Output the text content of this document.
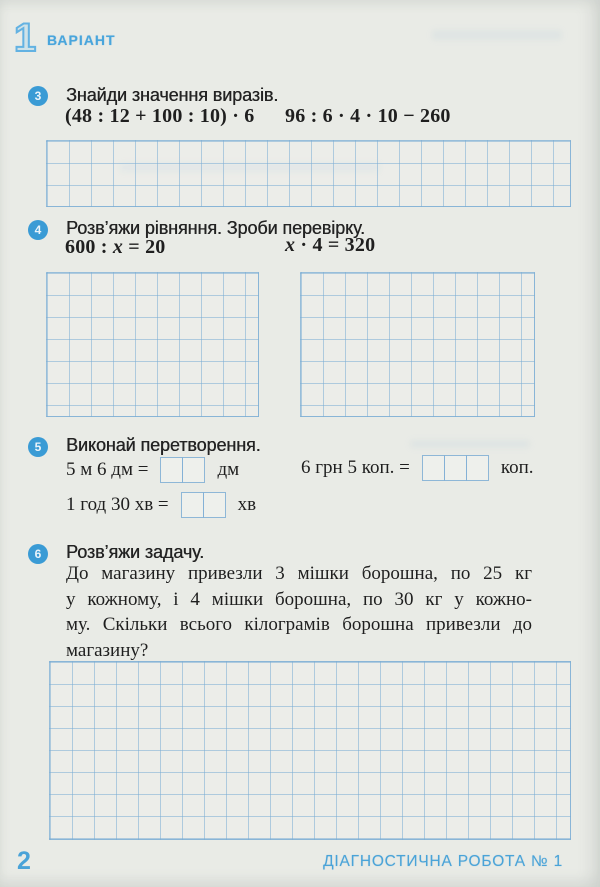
1 ВАРІАНТ
3 Знайди значення виразів.
(48 : 12 + 100 : 10) · 6 96 : 6 · 4 · 10 − 260
4 Розв’яжи рівняння. Зроби перевірку.
600 : x = 20	x · 4 = 320
5 Виконай перетворення.
5 м 6 дм =	дм	6 грн 5 коп. =	коп.
1 год 30 хв =	хв
6 Розв’яжи задачу.
До магазину привезли 3 мішки борошна, по 25 кг
у кожному, і 4 мішки борошна, по 30 кг у кожно-
му. Скільки всього кілограмів борошна привезли до
магазину?
2	ДІАГНОСТИЧНА РОБОТА № 1
